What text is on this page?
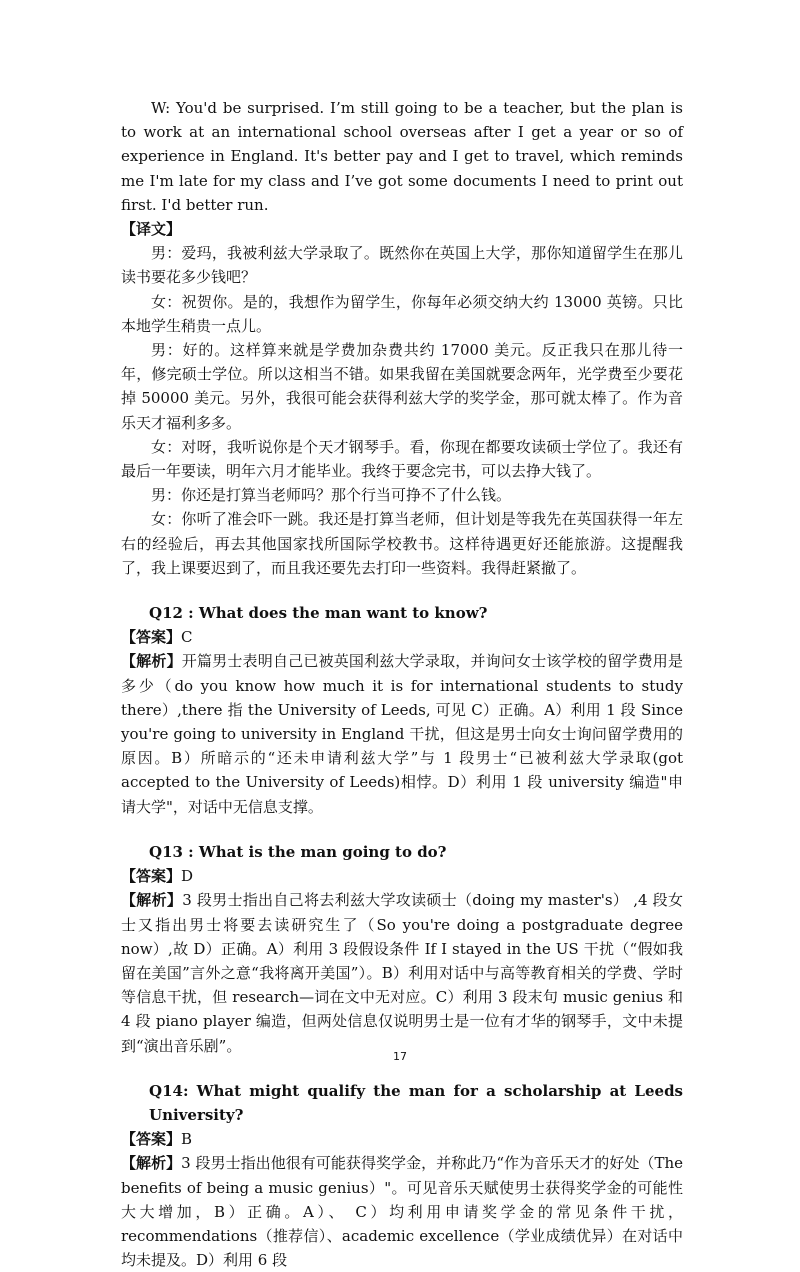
W: You'd be surprised. I’m still going to be a teacher, but the plan is to work at an international school overseas after I get a year or so of experience in England. It's better pay and I get to travel, which reminds me I'm late for my class and I’ve got some documents I need to print out first. I'd better run.

【译文】

男：爱玛，我被利兹大学录取了。既然你在英国上大学，那你知道留学生在那儿读书要花多少钱吧？

女：祝贺你。是的，我想作为留学生，你每年必须交纳大约 13000 英镑。只比本地学生稍贵一点儿。

男：好的。这样算来就是学费加杂费共约 17000 美元。反正我只在那儿待一年，修完硕士学位。所以这相当不错。如果我留在美国就要念两年，光学费至少要花掉 50000 美元。另外，我很可能会获得利兹大学的奖学金，那可就太棒了。作为音乐天才福利多多。

女：对呀，我听说你是个天才钢琴手。看，你现在都要攻读硕士学位了。我还有最后一年要读，明年六月才能毕业。我终于要念完书，可以去挣大钱了。

男：你还是打算当老师吗？那个行当可挣不了什么钱。

女：你听了准会吓一跳。我还是打算当老师，但计划是等我先在英国获得一年左右的经验后，再去其他国家找所国际学校教书。这样待遇更好还能旅游。这提醒我了，我上课要迟到了，而且我还要先去打印一些资料。我得赶紧撤了。

Q12 : What does the man want to know?

【答案】C

【解析】开篇男士表明自己已被英国利兹大学录取，并询问女士该学校的留学费用是多少（do you know how much it is for international students to study there）,there 指 the University of Leeds, 可见 C）正确。A）利用 1 段 Since you're going to university in England 干扰，但这是男士向女士询问留学费用的原因。B）所暗示的“还未申请利兹大学”与 1 段男士“已被利兹大学录取(got accepted to the University of Leeds)相悖。D）利用 1 段 university 编造"申请大学"，对话中无信息支撑。

Q13 : What is the man going to do?

【答案】D

【解析】3 段男士指出自己将去利兹大学攻读硕士（doing my master's） ,4 段女士又指出男士将要去读研究生了（So you're doing a postgraduate degree now）,故 D）正确。A）利用 3 段假设条件 If I stayed in the US 干扰（“假如我留在美国”言外之意“我将离开美国”）。B）利用对话中与高等教育相关的学费、学时等信息干扰，但 research—词在文中无对应。C）利用 3 段末句 music genius 和 4 段 piano player 编造，但两处信息仅说明男士是一位有才华的钢琴手，文中未提到“演出音乐剧”。

Q14: What might qualify the man for a scholarship at Leeds University?

【答案】B

【解析】3 段男士指出他很有可能获得奖学金，并称此乃“作为音乐天才的好处（The benefits of being a music genius）"。可见音乐天赋使男士获得奖学金的可能性大大增加，B）正确。A）、 C）均利用申请奖学金的常见条件干扰，recommendations（推荐信）、academic excellence（学业成绩优异）在对话中均未提及。D）利用 6 段

17
